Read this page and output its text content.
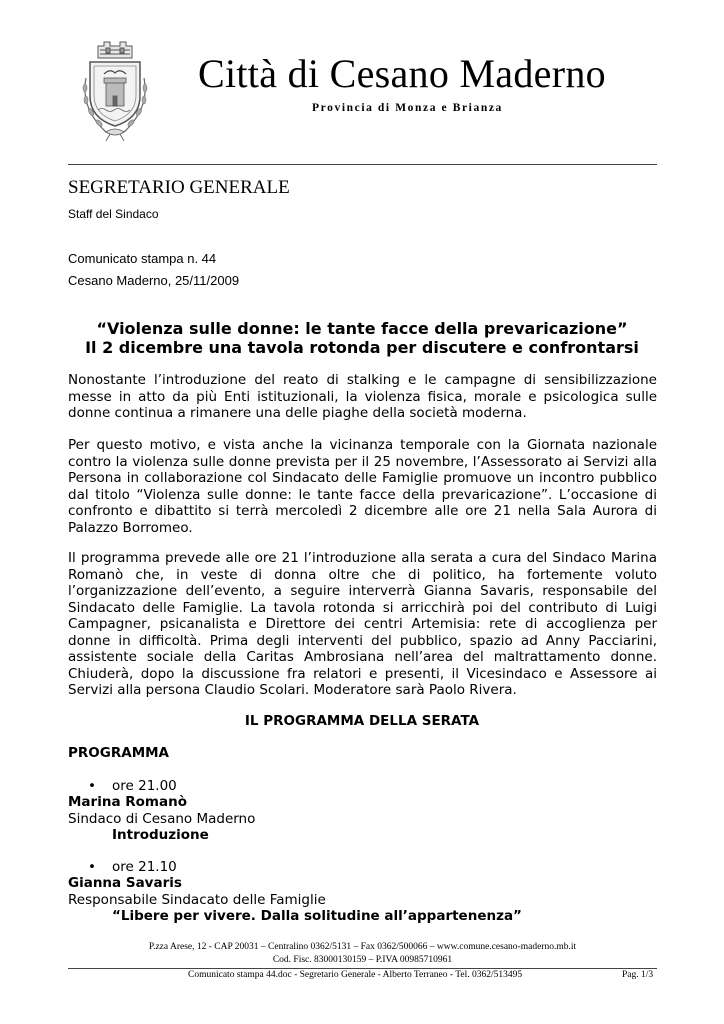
Città di Cesano Maderno
Provincia di Monza e Brianza
SEGRETARIO GENERALE
Staff del Sindaco
Comunicato stampa n. 44
Cesano Maderno, 25/11/2009
“Violenza sulle donne: le tante facce della prevaricazione”
Il 2 dicembre una tavola rotonda per discutere e confrontarsi
Nonostante l’introduzione del reato di stalking e le campagne di sensibilizzazione messe in atto da più Enti istituzionali, la violenza fisica, morale e psicologica sulle donne continua a rimanere una delle piaghe della società moderna.
Per questo motivo, e vista anche la vicinanza temporale con la Giornata nazionale contro la violenza sulle donne prevista per il 25 novembre, l’Assessorato ai Servizi alla Persona in collaborazione col Sindacato delle Famiglie promuove un incontro pubblico dal titolo “Violenza sulle donne: le tante facce della prevaricazione”. L’occasione di confronto e dibattito si terrà mercoledì 2 dicembre alle ore 21 nella Sala Aurora di Palazzo Borromeo.
Il programma prevede alle ore 21 l’introduzione alla serata a cura del Sindaco Marina Romanò che, in veste di donna oltre che di politico, ha fortemente voluto l’organizzazione dell’evento, a seguire interverrà Gianna Savaris, responsabile del Sindacato delle Famiglie. La tavola rotonda si arricchirà poi del contributo di Luigi Campagner, psicanalista e Direttore dei centri Artemisia: rete di accoglienza per donne in difficoltà. Prima degli interventi del pubblico, spazio ad Anny Pacciarini, assistente sociale della Caritas Ambrosiana nell’area del maltrattamento donne. Chiuderà, dopo la discussione fra relatori e presenti, il Vicesindaco e Assessore ai Servizi alla persona Claudio Scolari. Moderatore sarà Paolo Rivera.
IL PROGRAMMA DELLA SERATA
PROGRAMMA
• ore 21.00
Marina Romanò
Sindaco di Cesano Maderno
Introduzione
• ore 21.10
Gianna Savaris
Responsabile Sindacato delle Famiglie
“Libere per vivere. Dalla solitudine all’appartenenza”
P.zza Arese, 12 - CAP 20031 – Centralino 0362/5131 – Fax 0362/500066 – www.comune.cesano-maderno.mb.it
Cod. Fisc. 83000130159 – P.IVA 00985710961
Comunicato stampa 44.doc - Segretario Generale - Alberto Terraneo - Tel. 0362/513495	Pag. 1/3
